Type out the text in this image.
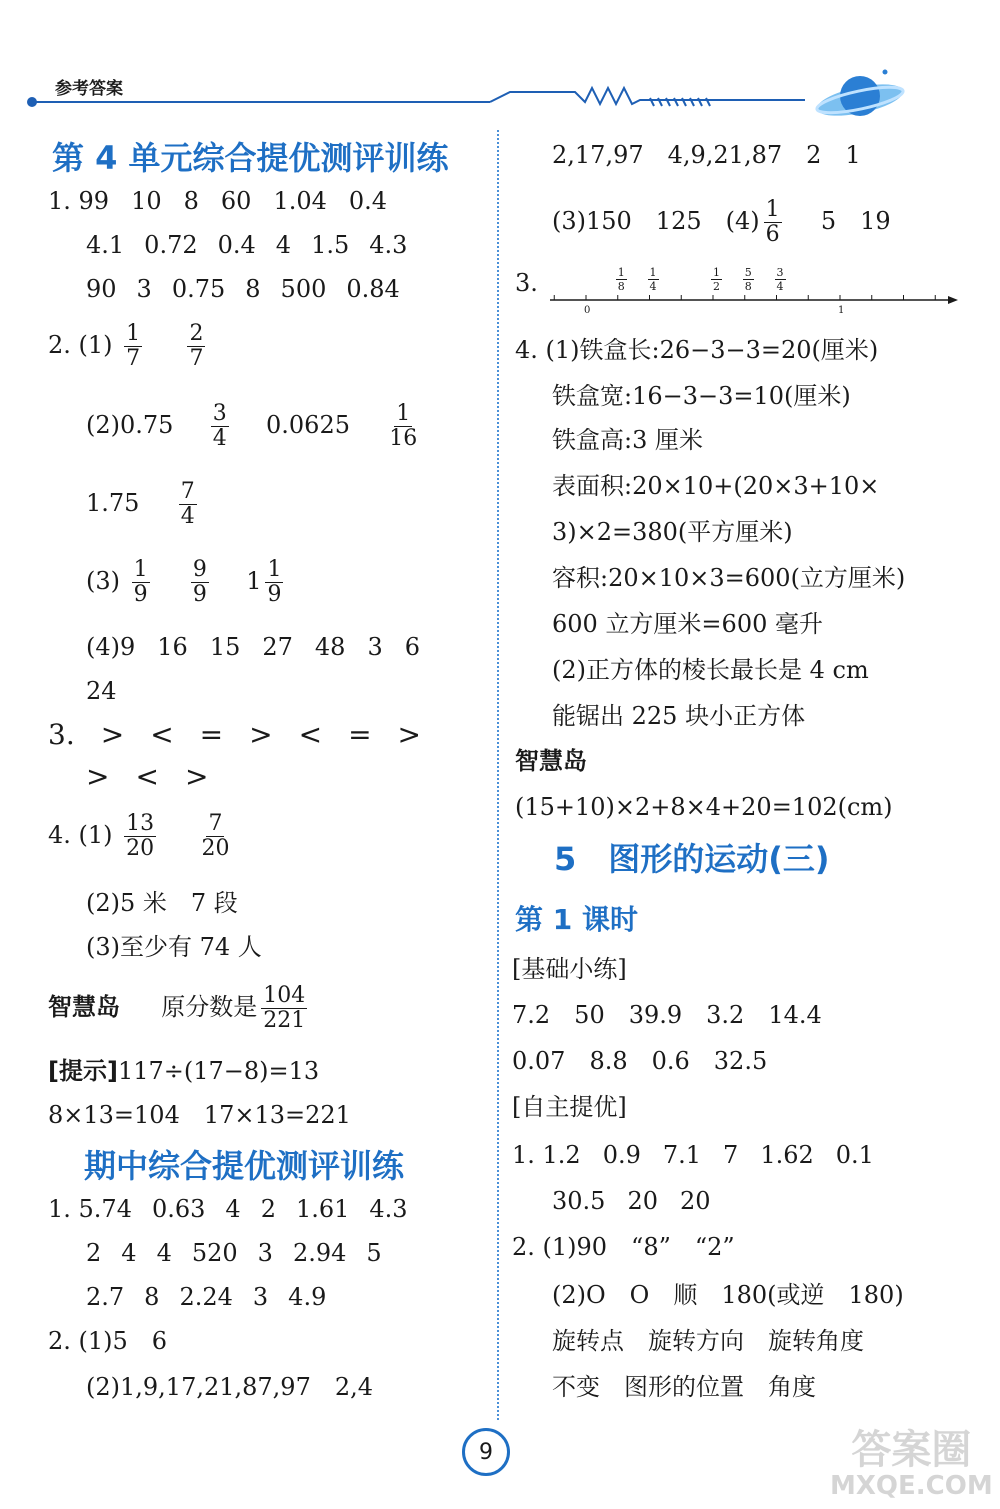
参考答案
第 4 单元综合提优测评训练
1. 99 10 8 60 1.04 0.4
4.1 0.72 0.4 4 1.5 4.3
90 3 0.75 8 500 0.84
2. $(1) \frac{1}{7}$
$\frac{2}{7}$
$(2)0.75 \frac{3}{4} 0.0625 \frac{1}{16}$
$1.75 \frac{7}{4}$
$(3) \frac{1}{9}$
$\frac{9}{9} 1 \frac{1}{9}$
(4)9 16 15 27 48 3 6
24
3. > < = > < = >
> < >
4. $(1) \frac{13}{20}$
$\frac{7}{20}$
(2)5 米　7 段
(3)至少有 74 人
智慧岛 原分数是 $\frac{104}{221}$
[提示]117÷(17−8)=13
8×13=104　17×13=221
期中综合提优测评训练
1. 5.74 0.63 4 2 1.61 4.3
2 4 4 520 3 2.94 5
2.7 8 2.24 3 4.9
2. (1)5　6
(2)1,9,17,21,87,97　2,4
2,17,97　4,9,21,87　2　1
(3)150　125　$(4) \frac{1}{6} 5$　19
3.
0	1
$\frac{1}{8} \frac{1}{4}$	$\frac{1}{2} \frac{5}{8} \frac{3}{4}$
4. (1)铁盒长:26−3−3=20(厘米)
铁盒宽:16−3−3=10(厘米)
铁盒高:3 厘米
表面积:20×10+(20×3+10×
3)×2=380(平方厘米)
容积:20×10×3=600(立方厘米)
600 立方厘米=600 毫升
(2)正方体的棱长最长是 4 cm
能锯出 225 块小正方体
智慧岛
(15+10)×2+8×4+20=102(cm)
5　图形的运动(三)
第 1 课时
[基础小练]
7.2 50 39.9 3.2 14.4
0.07 8.8 0.6 32.5
[自主提优]
1. 1.2 0.9 7.1 7 1.62 0.1
30.5 20 20
2. (1)90　“8”　“2”
(2)O　O　顺　180(或逆　180)
旋转点　旋转方向　旋转角度
不变　图形的位置　角度
9	答案圈
MXQE.COM
